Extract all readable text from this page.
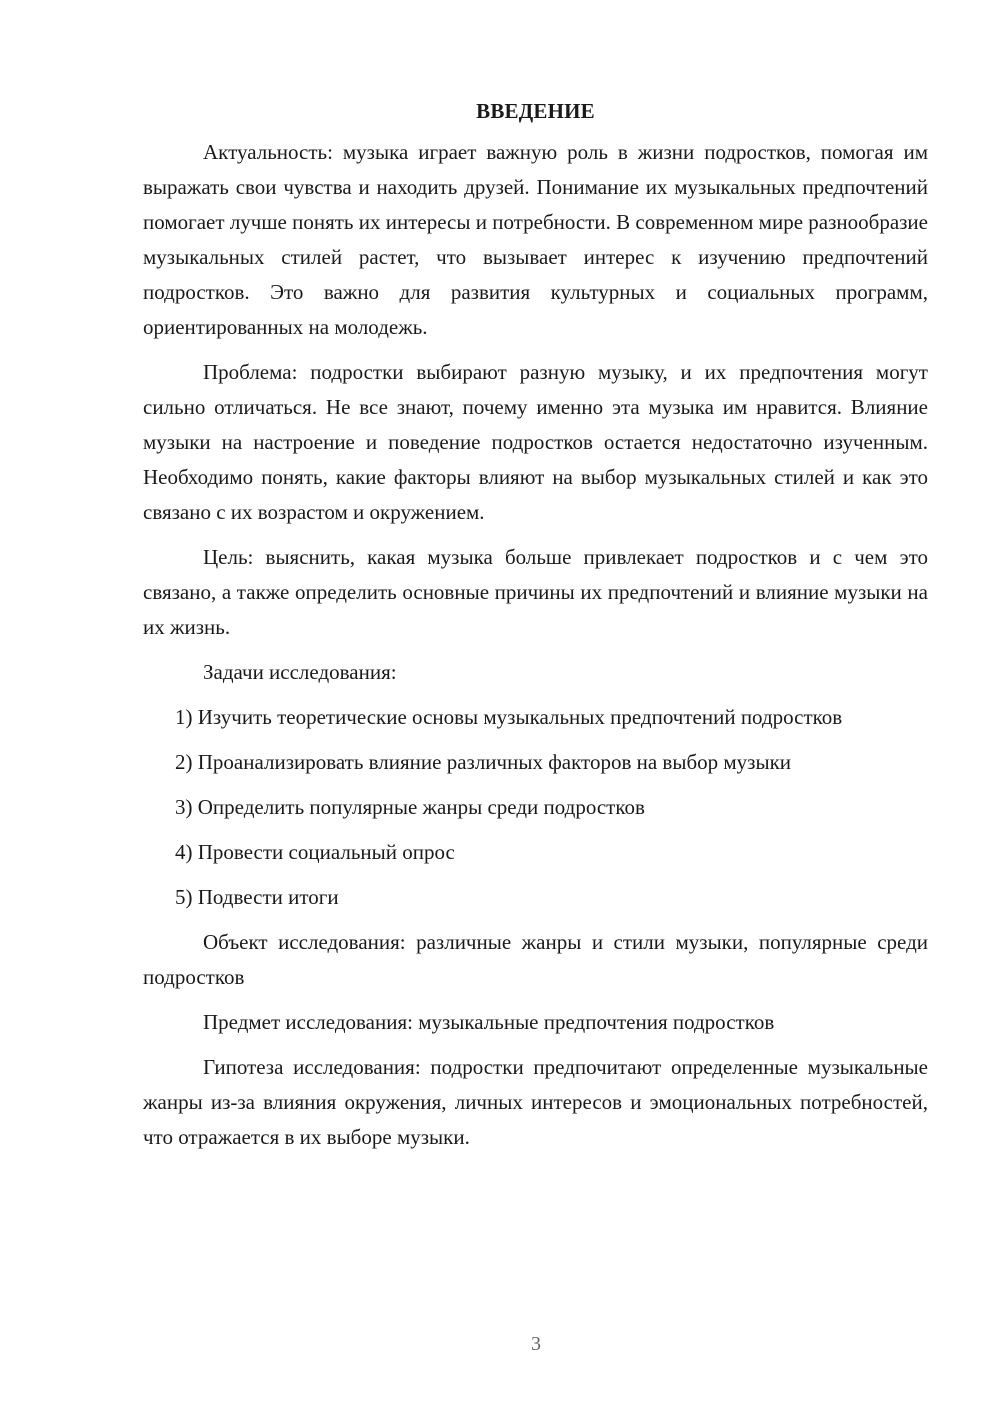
ВВЕДЕНИЕ

Актуальность: музыка играет важную роль в жизни подростков, помогая им выражать свои чувства и находить друзей. Понимание их музыкальных предпочтений помогает лучше понять их интересы и потребности. В современном мире разнообразие музыкальных стилей растет, что вызывает интерес к изучению предпочтений подростков. Это важно для развития культурных и социальных программ, ориентированных на молодежь.

Проблема: подростки выбирают разную музыку, и их предпочтения могут сильно отличаться. Не все знают, почему именно эта музыка им нравится. Влияние музыки на настроение и поведение подростков остается недостаточно изученным. Необходимо понять, какие факторы влияют на выбор музыкальных стилей и как это связано с их возрастом и окружением.

Цель: выяснить, какая музыка больше привлекает подростков и с чем это связано, а также определить основные причины их предпочтений и влияние музыки на их жизнь.

Задачи исследования:

1) Изучить теоретические основы музыкальных предпочтений подростков

2) Проанализировать влияние различных факторов на выбор музыки

3) Определить популярные жанры среди подростков

4) Провести социальный опрос

5) Подвести итоги

Объект исследования: различные жанры и стили музыки, популярные среди подростков

Предмет исследования: музыкальные предпочтения подростков

Гипотеза исследования: подростки предпочитают определенные музыкальные жанры из-за влияния окружения, личных интересов и эмоциональных потребностей, что отражается в их выборе музыки.

3
